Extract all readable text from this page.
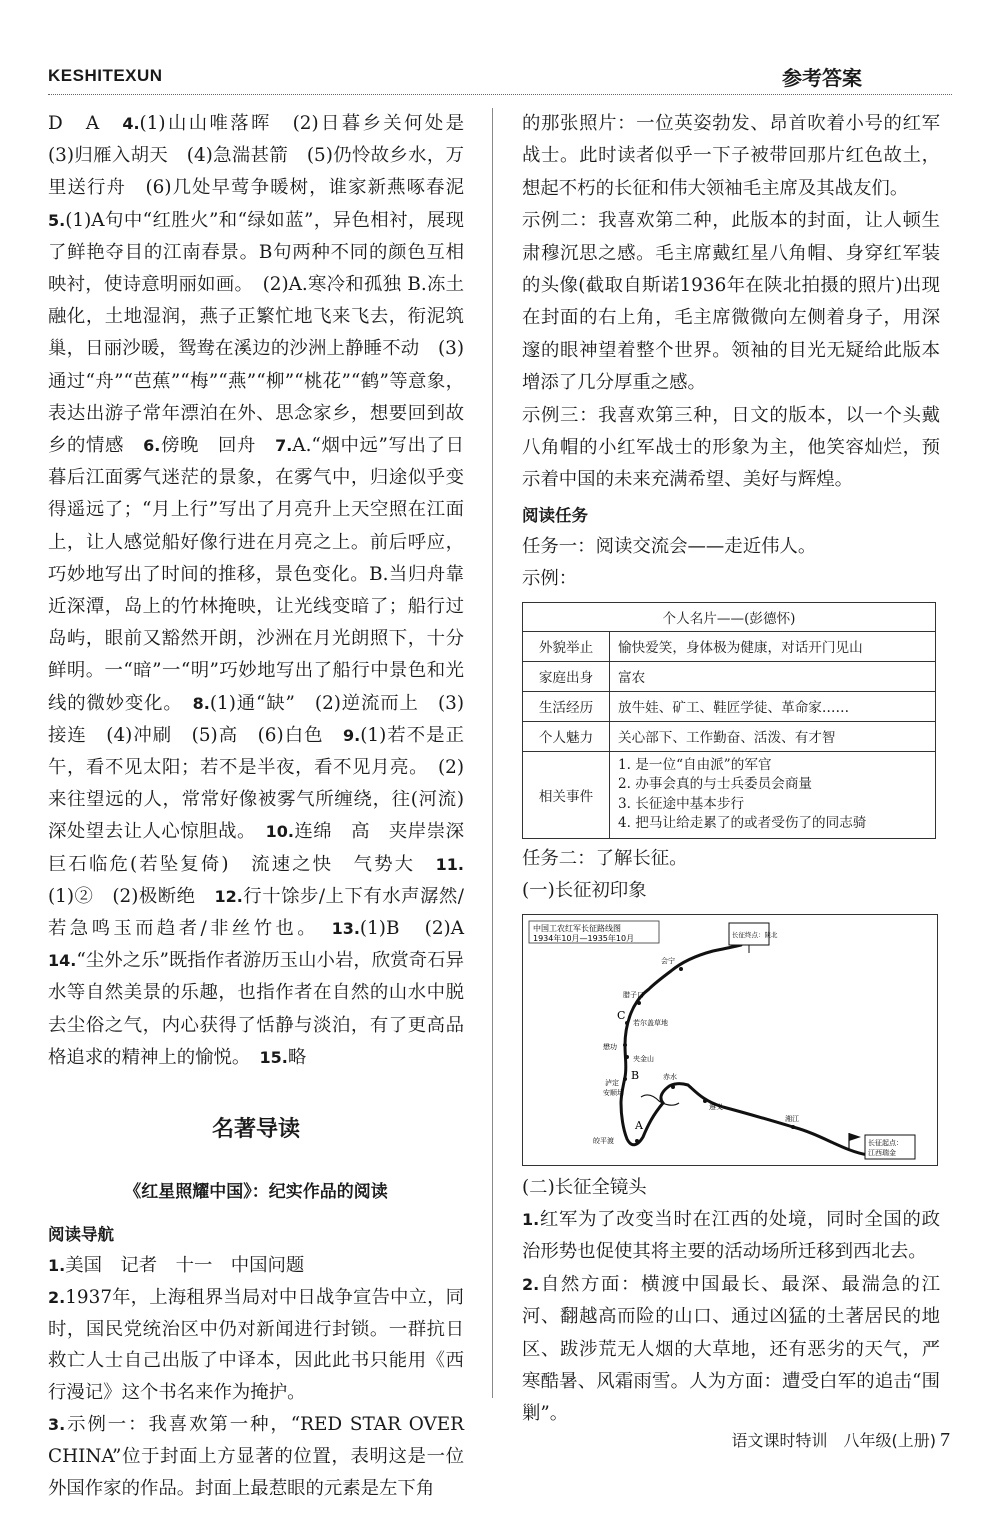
KESHITEXUN	参考答案

D　A　4.(1)山山唯落晖　(2)日暮乡关何处是　(3)归雁入胡天　(4)急湍甚箭　(5)仍怜故乡水，万里送行舟　(6)几处早莺争暖树，谁家新燕啄春泥　5.(1)A句中“红胜火”和“绿如蓝”，异色相衬，展现了鲜艳夺目的江南春景。B句两种不同的颜色互相映衬，使诗意明丽如画。　(2)A.寒冷和孤独 B.冻土融化，土地湿润，燕子正繁忙地飞来飞去，衔泥筑巢，日丽沙暖，鸳鸯在溪边的沙洲上静睡不动　(3)通过“舟”“芭蕉”“梅”“燕”“柳”“桃花”“鹤”等意象，表达出游子常年漂泊在外、思念家乡，想要回到故乡的情感　6.傍晚　回舟　7.A.“烟中远”写出了日暮后江面雾气迷茫的景象，在雾气中，归途似乎变得遥远了；“月上行”写出了月亮升上天空照在江面上，让人感觉船好像行进在月亮之上。前后呼应，巧妙地写出了时间的推移，景色变化。B.当归舟靠近深潭，岛上的竹林掩映，让光线变暗了；船行过岛屿，眼前又豁然开朗，沙洲在月光朗照下，十分鲜明。一“暗”一“明”巧妙地写出了船行中景色和光线的微妙变化。　8.(1)通“缺”　(2)逆流而上　(3)接连　(4)冲刷　(5)高　(6)白色　9.(1)若不是正午，看不见太阳；若不是半夜，看不见月亮。　(2)来往望远的人，常常好像被雾气所缠绕，往(河流)深处望去让人心惊胆战。　10.连绵　高　夹岸崇深　巨石临危(若坠复倚)　流速之快　气势大　11.(1)②　(2)极断绝　12.行十馀步/上下有水声潺然/若急鸣玉而趋者/非丝竹也。　13.(1)B　(2)A　14.“尘外之乐”既指作者游历玉山小岩，欣赏奇石异水等自然美景的乐趣，也指作者在自然的山水中脱去尘俗之气，内心获得了恬静与淡泊，有了更高品格追求的精神上的愉悦。　15.略

名著导读
《红星照耀中国》：纪实作品的阅读
阅读导航

1.美国　记者　十一　中国问题

2.1937年，上海租界当局对中日战争宣告中立，同时，国民党统治区中仍对新闻进行封锁。一群抗日救亡人士自己出版了中译本，因此此书只能用《西行漫记》这个书名来作为掩护。

3.示例一：我喜欢第一种，“RED STAR OVER CHINA”位于封面上方显著的位置，表明这是一位外国作家的作品。封面上最惹眼的元素是左下角

的那张照片：一位英姿勃发、昂首吹着小号的红军战士。此时读者似乎一下子被带回那片红色故土，想起不朽的长征和伟大领袖毛主席及其战友们。

示例二：我喜欢第二种，此版本的封面，让人顿生肃穆沉思之感。毛主席戴红星八角帽、身穿红军装的头像(截取自斯诺1936年在陕北拍摄的照片)出现在封面的右上角，毛主席微微向左侧着身子，用深邃的眼神望着整个世界。领袖的目光无疑给此版本增添了几分厚重之感。

示例三：我喜欢第三种，日文的版本，以一个头戴八角帽的小红军战士的形象为主，他笑容灿烂，预示着中国的未来充满希望、美好与辉煌。

阅读任务

任务一：阅读交流会——走近伟人。

示例：

个人名片——(彭德怀)	
外貌举止	愉快爱笑，身体极为健康，对话开门见山
家庭出身	富农
生活经历	放牛娃、矿工、鞋匠学徒、革命家……
个人魅力	关心部下、工作勤奋、活泼、有才智
相关事件	1. 是一位“自由派”的军官
2. 办事会真的与士兵委员会商量
3. 长征途中基本步行
4. 把马让给走累了的或者受伤了的同志骑

任务二：了解长征。

(一)长征初印象

中国工农红军长征路线图
1934年10月—1935年10月	长征终点：陕北
长征起点：
江西瑞金
会宁
腊子口
若尔盖草地
懋功
夹金山
泸定
安顺场
赤水
遵义
湘江
皎平渡
A
B
C

(二)长征全镜头

1.红军为了改变当时在江西的处境，同时全国的政治形势也促使其将主要的活动场所迁移到西北去。

2.自然方面：横渡中国最长、最深、最湍急的江河、翻越高而险的山口、通过凶猛的土著居民的地区、跋涉荒无人烟的大草地，还有恶劣的天气，严寒酷暑、风霜雨雪。人为方面：遭受白军的追击“围剿”。

语文课时特训　八年级(上册) 7
